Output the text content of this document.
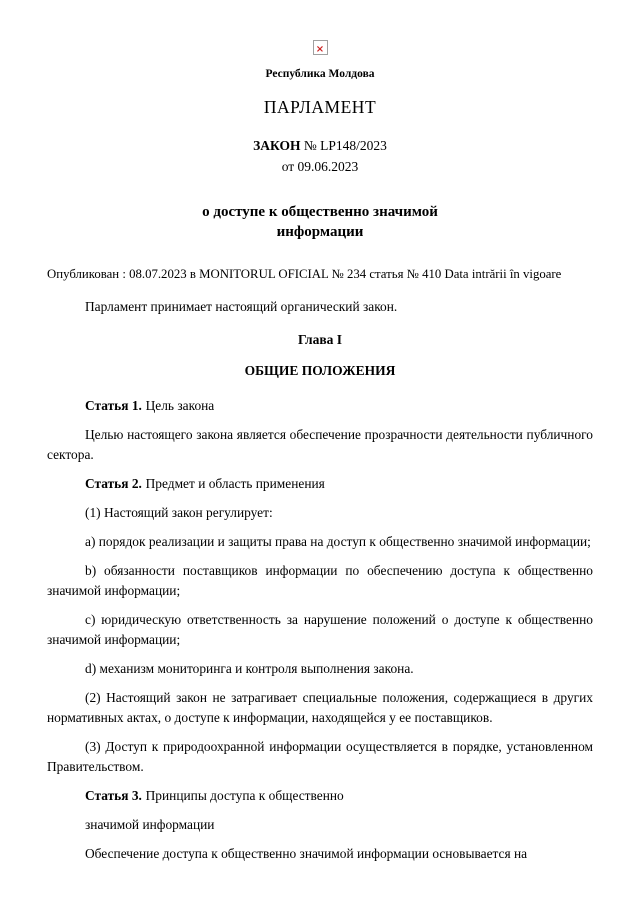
×
Республика Молдова
ПАРЛАМЕНТ
ЗАКОН № LP148/2023
от 09.06.2023
о доступе к общественно значимой
информации

Опубликован : 08.07.2023 в MONITORUL OFICIAL № 234 статья № 410 Data intrării în vigoare

Парламент принимает настоящий органический закон.

Глава I
ОБЩИЕ ПОЛОЖЕНИЯ

Статья 1. Цель закона

Целью настоящего закона является обеспечение прозрачности деятельности публичного сектора.

Статья 2. Предмет и область применения

(1) Настоящий закон регулирует:

a) порядок реализации и защиты права на доступ к общественно значимой информации;

b) обязанности поставщиков информации по обеспечению доступа к общественно значимой информации;

c) юридическую ответственность за нарушение положений о доступе к общественно значимой информации;

d) механизм мониторинга и контроля выполнения закона.

(2) Настоящий закон не затрагивает специальные положения, содержащиеся в других нормативных актах, о доступе к информации, находящейся у ее поставщиков.

(3) Доступ к природоохранной информации осуществляется в порядке, установленном Правительством.

Статья 3. Принципы доступа к общественно

значимой информации

Обеспечение доступа к общественно значимой информации основывается на
